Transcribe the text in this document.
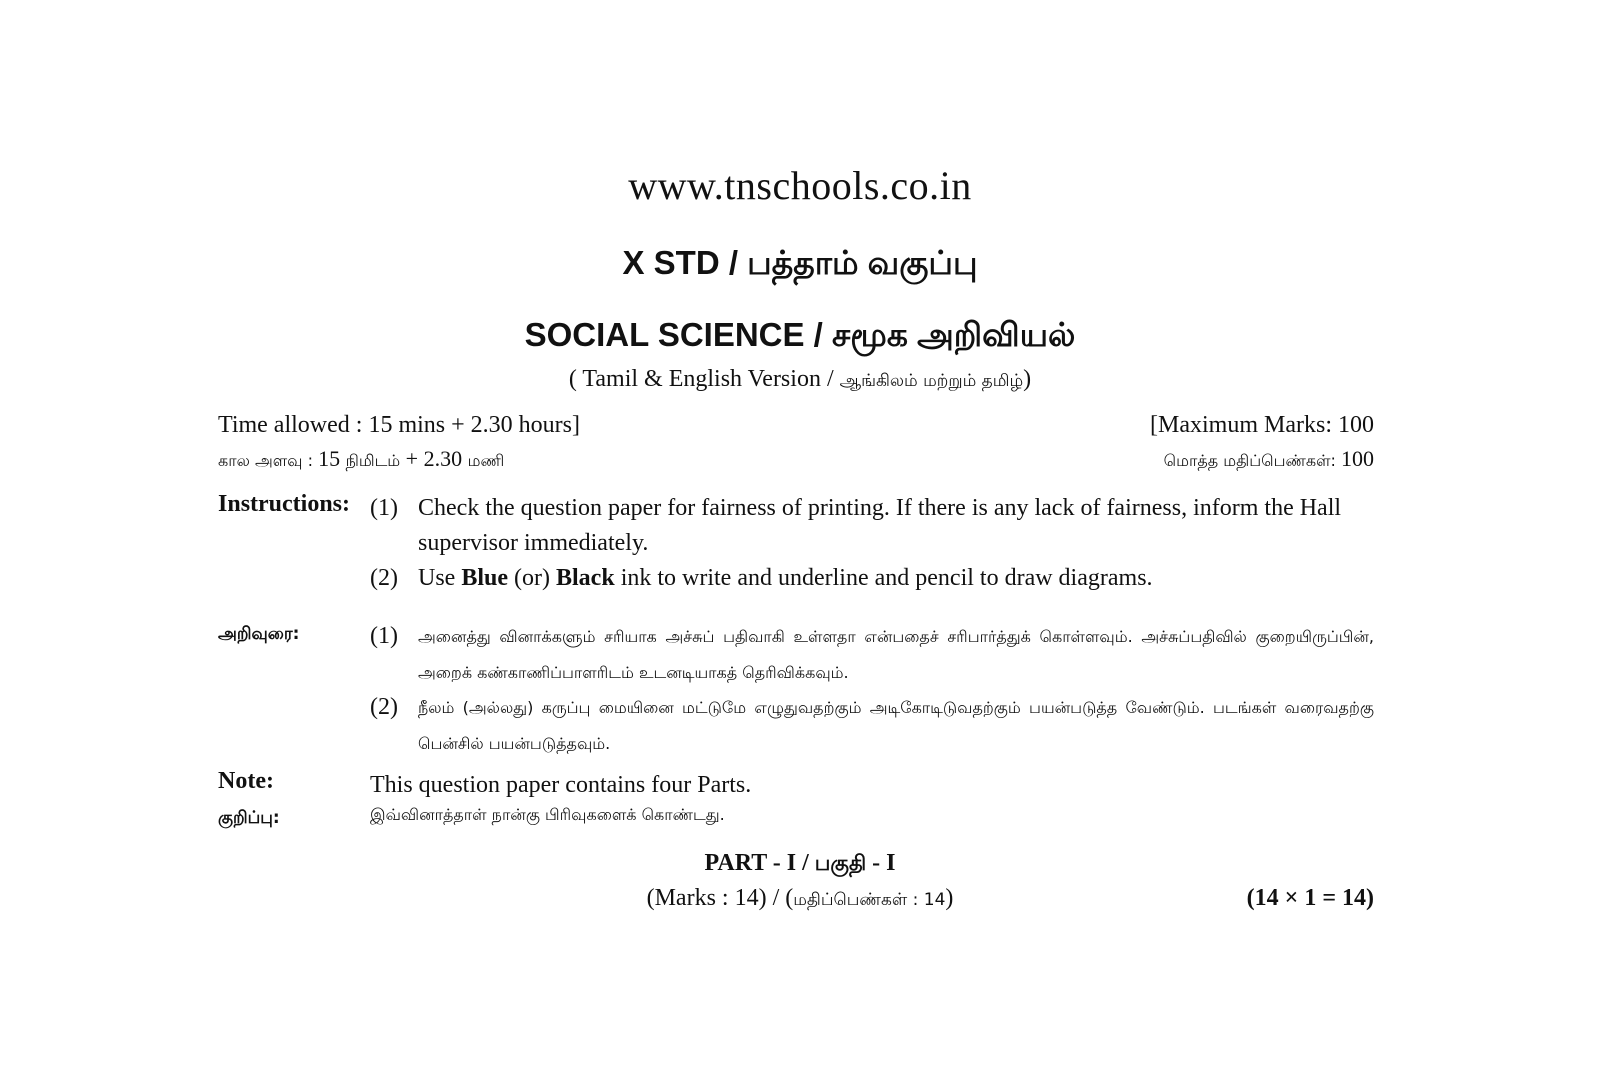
www.tnschools.co.in
X STD / பத்தாம் வகுப்பு
SOCIAL SCIENCE / சமூக அறிவியல்
( Tamil & English Version / ஆங்கிலம் மற்றும் தமிழ்)
Time allowed : 15 mins + 2.30 hours]	[Maximum Marks: 100
கால அளவு : 15 நிமிடம் + 2.30 மணி	மொத்த மதிப்பெண்கள்: 100
Instructions: (1) Check the question paper for fairness of printing. If there is any lack of fairness, inform the Hall supervisor immediately.
(2) Use Blue (or) Black ink to write and underline and pencil to draw diagrams.
அறிவுரை:	(1) அனைத்து வினாக்களும் சரியாக அச்சுப் பதிவாகி உள்ளதா என்பதைச் சரிபார்த்துக் கொள்ளவும். அச்சுப்பதிவில் குறையிருப்பின், அறைக் கண்காணிப்பாளரிடம் உடனடியாகத் தெரிவிக்கவும்.
(2) நீலம் (அல்லது) கருப்பு மையினை மட்டுமே எழுதுவதற்கும் அடிகோடிடுவதற்கும் பயன்படுத்த வேண்டும். படங்கள் வரைவதற்கு பென்சில் பயன்படுத்தவும்.
Note:	This question paper contains four Parts.
குறிப்பு:	இவ்வினாத்தாள் நான்கு பிரிவுகளைக் கொண்டது.
PART - I / பகுதி - I
(Marks : 14) / (மதிப்பெண்கள் : 14)	(14 × 1 = 14)
